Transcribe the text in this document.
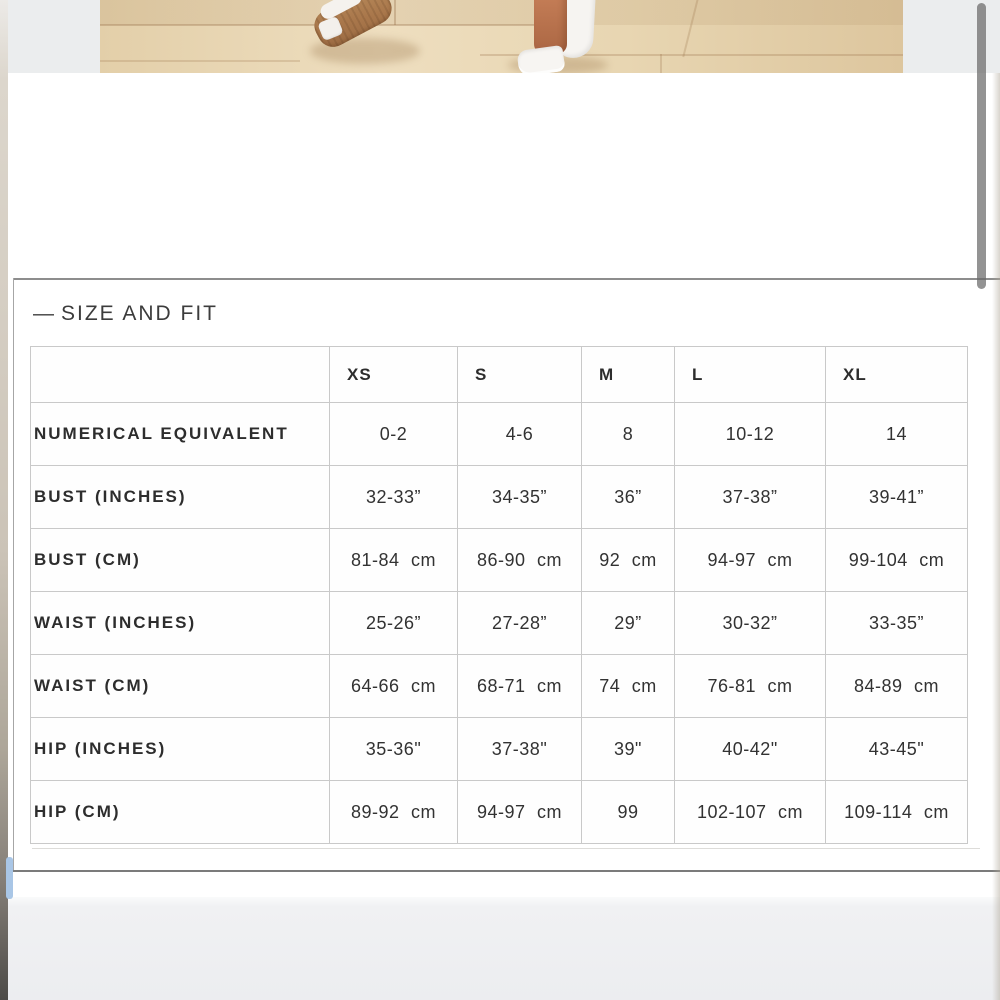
— SIZE AND FIT
	XS	S	M	L	XL
NUMERICAL EQUIVALENT	0-2	4-6	8	10-12	14
BUST (INCHES)	32-33”	34-35”	36”	37-38”	39-41”
BUST (CM)	81-84 cm	86-90 cm	92 cm	94-97 cm	99-104 cm
WAIST (INCHES)	25-26”	27-28”	29”	30-32”	33-35”
WAIST (CM)	64-66 cm	68-71 cm	74 cm	76-81 cm	84-89 cm
HIP (INCHES)	35-36"	37-38"	39"	40-42"	43-45"
HIP (CM)	89-92 cm	94-97 cm	99	102-107 cm	109-114 cm
